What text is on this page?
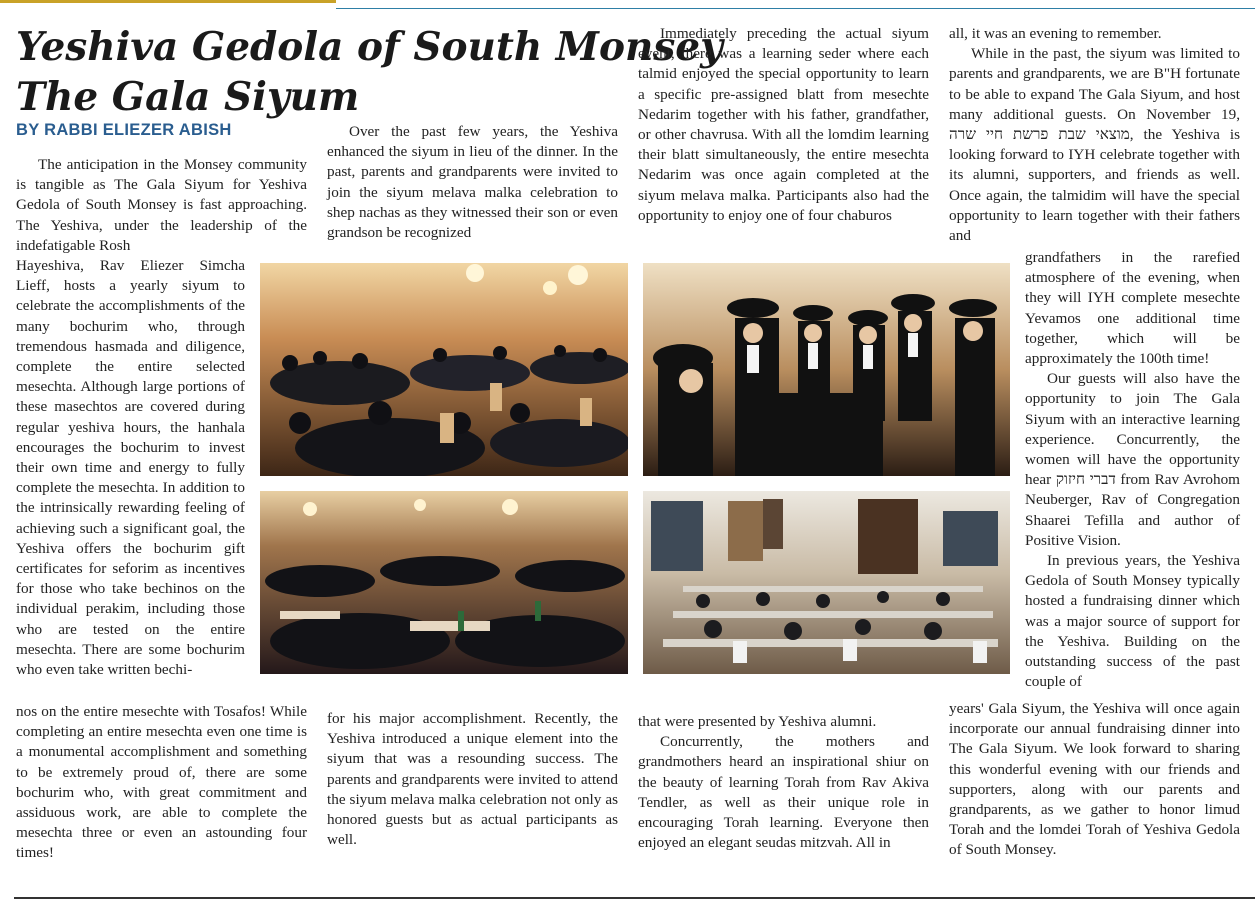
Yeshiva Gedola of South Monsey
The Gala Siyum
BY RABBI ELIEZER ABISH

The anticipation in the Monsey community is tangible as The Gala Siyum for Yeshiva Gedola of South Monsey is fast approaching. The Yeshiva, under the leadership of the indefatigable Rosh

Hayeshiva, Rav Eliezer Simcha Lieff, hosts a yearly siyum to celebrate the accomplishments of the many bochurim who, through tremendous hasmada and diligence, complete the entire selected mesechta. Although large portions of these masechtos are covered during regular yeshiva hours, the hanhala encourages the bochurim to invest their own time and energy to fully complete the mesechta. In addition to the intrinsically rewarding feeling of achieving such a significant goal, the Yeshiva offers the bochurim gift certificates for seforim as incentives for those who take bechinos on the individual perakim, including those who are tested on the entire mesechta. There are some bochurim who even take written bechi-

nos on the entire mesechte with Tosafos! While completing an entire mesechta even one time is a monumental accomplishment and something to be extremely proud of, there are some bochurim who, with great commitment and assiduous work, are able to complete the mesechta three or even an astounding four times!

Over the past few years, the Yeshiva enhanced the siyum in lieu of the dinner. In the past, parents and grandparents were invited to join the siyum melava malka celebration to shep nachas as they witnessed their son or even grandson be recognized

for his major accomplishment. Recently, the Yeshiva introduced a unique element into the siyum that was a resounding success. The parents and grandparents were invited to attend the siyum melava malka celebration not only as honored guests but as actual participants as well.

Immediately preceding the actual siyum event, there was a learning seder where each talmid enjoyed the special opportunity to learn a specific pre-assigned blatt from mesechte Nedarim together with his father, grandfather, or other chavrusa. With all the lomdim learning their blatt simultaneously, the entire mesechta Nedarim was once again completed at the siyum melava malka. Participants also had the opportunity to enjoy one of four chaburos

that were presented by Yeshiva alumni.

Concurrently, the mothers and grandmothers heard an inspirational shiur on the beauty of learning Torah from Rav Akiva Tendler, as well as their unique role in encouraging Torah learning. Everyone then enjoyed an elegant seudas mitzvah. All in

all, it was an evening to remember.

While in the past, the siyum was limited to parents and grandparents, we are B"H fortunate to be able to expand The Gala Siyum, and host many additional guests. On November 19, מוצאי שבת פרשת חיי שרה, the Yeshiva is looking forward to IYH celebrate together with its alumni, supporters, and friends as well. Once again, the talmidim will have the special opportunity to learn together with their fathers and

grandfathers in the rarefied atmosphere of the evening, when they will IYH complete mesechte Yevamos one additional time together, which will be approximately the 100th time!

Our guests will also have the opportunity to join The Gala Siyum with an interactive learning experience. Concurrently, the women will have the opportunity hear דברי חיזוק from Rav Avrohom Neuberger, Rav of Congregation Shaarei Tefilla and author of Positive Vision.

In previous years, the Yeshiva Gedola of South Monsey typically hosted a fundraising dinner which was a major source of support for the Yeshiva. Building on the outstanding success of the past couple of

years' Gala Siyum, the Yeshiva will once again incorporate our annual fundraising dinner into The Gala Siyum. We look forward to sharing this wonderful evening with our friends and supporters, along with our parents and grandparents, as we gather to honor limud Torah and the lomdei Torah of Yeshiva Gedola of South Monsey.
